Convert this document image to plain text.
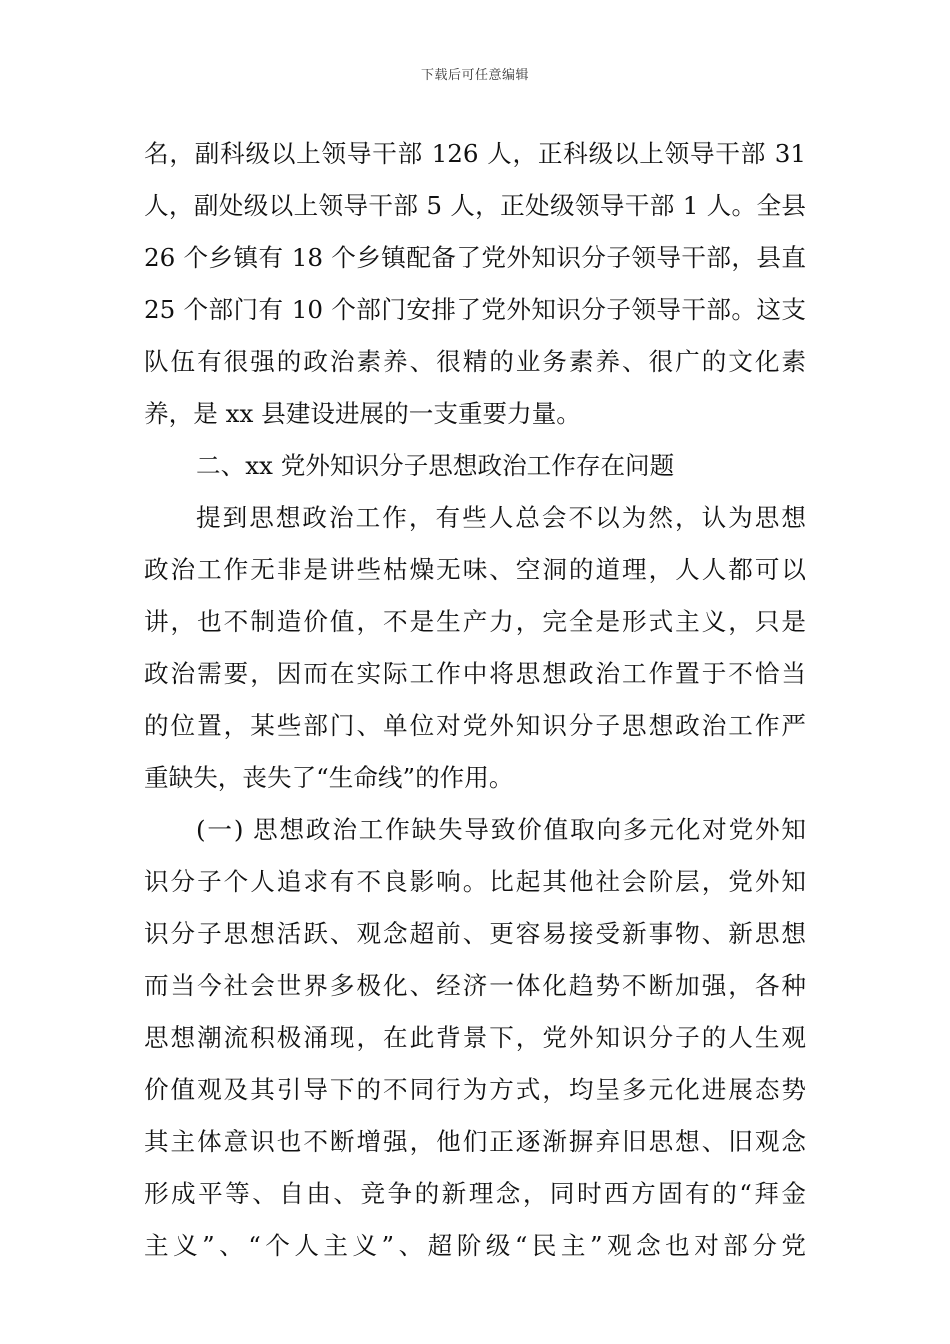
下载后可任意编辑
名，副科级以上领导干部 126 人，正科级以上领导干部 31
人，副处级以上领导干部 5 人，正处级领导干部 1 人。全县
26 个乡镇有 18 个乡镇配备了党外知识分子领导干部，县直
25 个部门有 10 个部门安排了党外知识分子领导干部。这支
队伍有很强的政治素养、很精的业务素养、很广的文化素
养，是 xx 县建设进展的一支重要力量。
二、xx 党外知识分子思想政治工作存在问题
提到思想政治工作，有些人总会不以为然，认为思想
政治工作无非是讲些枯燥无味、空洞的道理，人人都可以
讲，也不制造价值，不是生产力，完全是形式主义，只是
政治需要，因而在实际工作中将思想政治工作置于不恰当
的位置，某些部门、单位对党外知识分子思想政治工作严
重缺失，丧失了“生命线”的作用。
(一) 思想政治工作缺失导致价值取向多元化对党外知
识分子个人追求有不良影响。比起其他社会阶层，党外知
识分子思想活跃、观念超前、更容易接受新事物、新思想
而当今社会世界多极化、经济一体化趋势不断加强，各种
思想潮流积极涌现，在此背景下，党外知识分子的人生观
价值观及其引导下的不同行为方式，均呈多元化进展态势
其主体意识也不断增强，他们正逐渐摒弃旧思想、旧观念
形成平等、自由、竞争的新理念，同时西方固有的“拜金
主义”、“个人主义”、超阶级“民主”观念也对部分党
